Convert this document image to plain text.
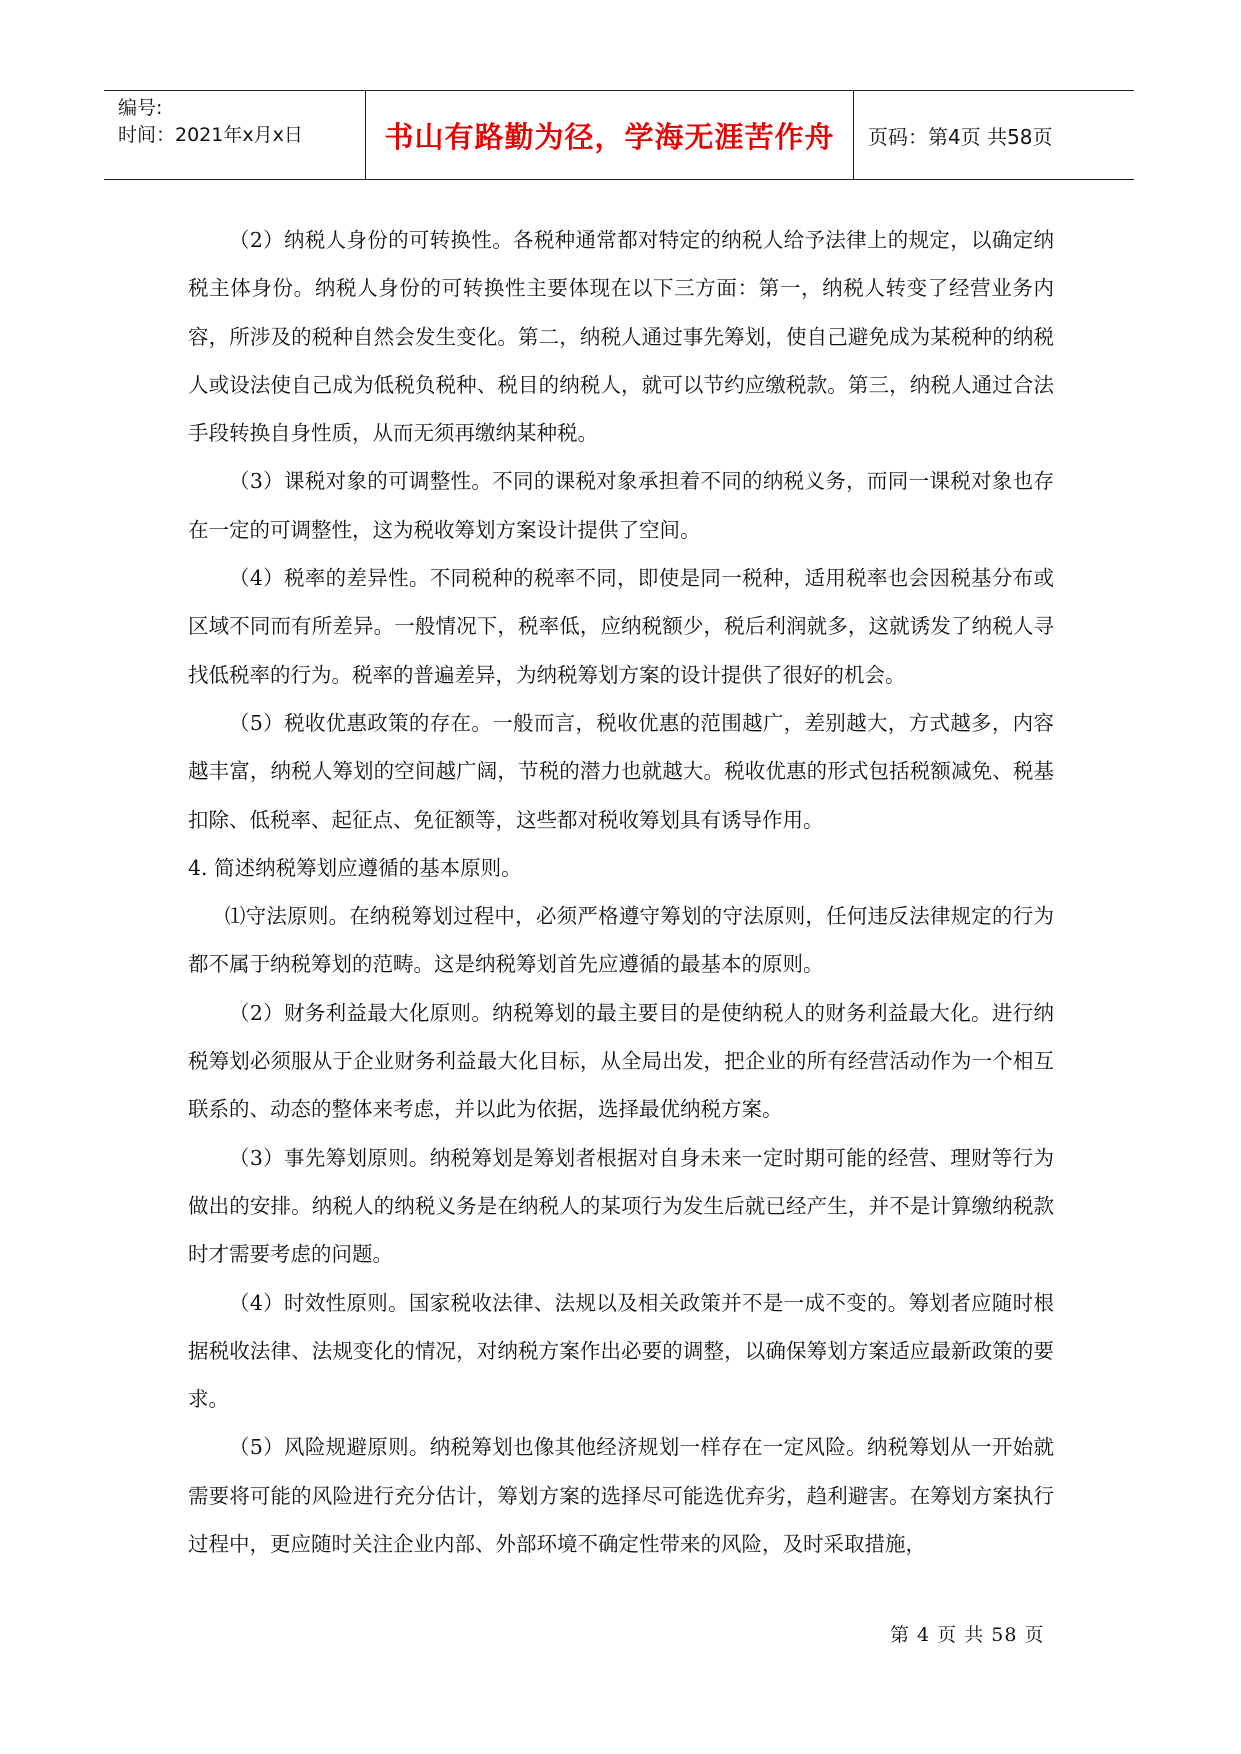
编号:
时间：2021年x月x日	书山有路勤为径，学海无涯苦作舟	页码：第4页 共58页

（2）纳税人身份的可转换性。各税种通常都对特定的纳税人给予法律上的规定，以确定纳税主体身份。纳税人身份的可转换性主要体现在以下三方面：第一，纳税人转变了经营业务内容，所涉及的税种自然会发生变化。第二，纳税人通过事先筹划，使自己避免成为某税种的纳税人或设法使自己成为低税负税种、税目的纳税人，就可以节约应缴税款。第三，纳税人通过合法手段转换自身性质，从而无须再缴纳某种税。

（3）课税对象的可调整性。不同的课税对象承担着不同的纳税义务，而同一课税对象也存在一定的可调整性，这为税收筹划方案设计提供了空间。

（4）税率的差异性。不同税种的税率不同，即使是同一税种，适用税率也会因税基分布或区域不同而有所差异。一般情况下，税率低，应纳税额少，税后利润就多，这就诱发了纳税人寻找低税率的行为。税率的普遍差异，为纳税筹划方案的设计提供了很好的机会。

（5）税收优惠政策的存在。一般而言，税收优惠的范围越广，差别越大，方式越多，内容越丰富，纳税人筹划的空间越广阔，节税的潜力也就越大。税收优惠的形式包括税额减免、税基扣除、低税率、起征点、免征额等，这些都对税收筹划具有诱导作用。

4. 简述纳税筹划应遵循的基本原则。

⑴守法原则。在纳税筹划过程中，必须严格遵守筹划的守法原则，任何违反法律规定的行为都不属于纳税筹划的范畴。这是纳税筹划首先应遵循的最基本的原则。

（2）财务利益最大化原则。纳税筹划的最主要目的是使纳税人的财务利益最大化。进行纳税筹划必须服从于企业财务利益最大化目标，从全局出发，把企业的所有经营活动作为一个相互联系的、动态的整体来考虑，并以此为依据，选择最优纳税方案。

（3）事先筹划原则。纳税筹划是筹划者根据对自身未来一定时期可能的经营、理财等行为做出的安排。纳税人的纳税义务是在纳税人的某项行为发生后就已经产生，并不是计算缴纳税款时才需要考虑的问题。

（4）时效性原则。国家税收法律、法规以及相关政策并不是一成不变的。筹划者应随时根据税收法律、法规变化的情况，对纳税方案作出必要的调整，以确保筹划方案适应最新政策的要求。

（5）风险规避原则。纳税筹划也像其他经济规划一样存在一定风险。纳税筹划从一开始就需要将可能的风险进行充分估计，筹划方案的选择尽可能选优弃劣，趋利避害。在筹划方案执行过程中，更应随时关注企业内部、外部环境不确定性带来的风险，及时采取措施，

第 4 页 共 58 页
